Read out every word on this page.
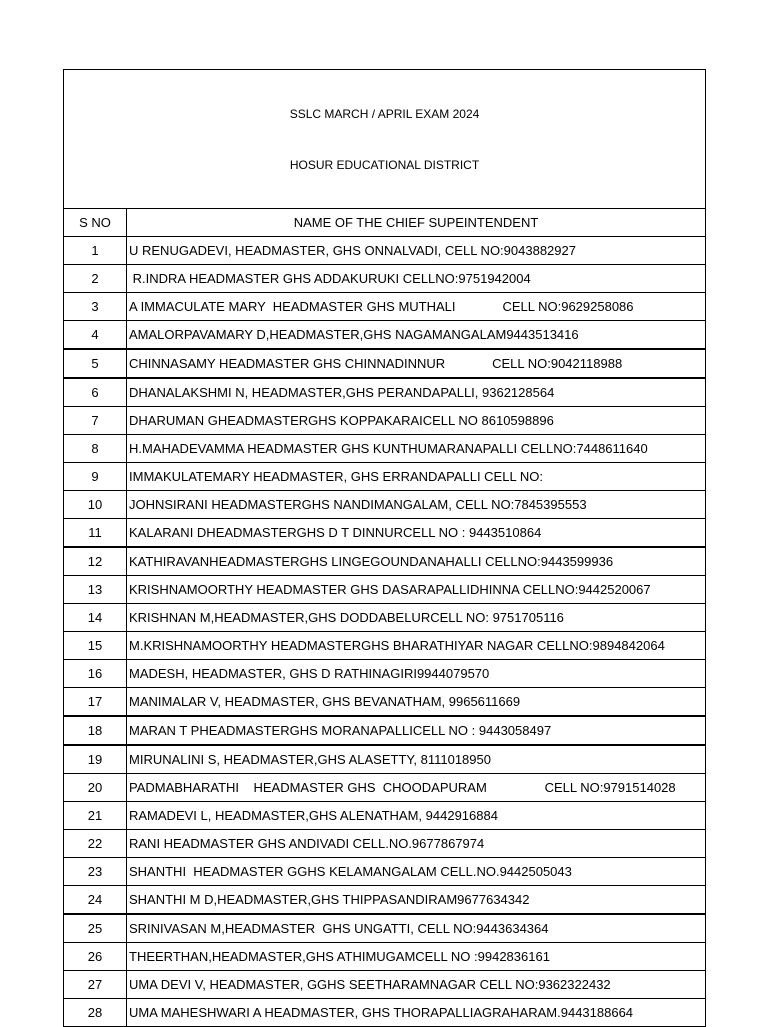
SSLC MARCH / APRIL EXAM 2024

HOSUR EDUCATIONAL DISTRICT	

S NO	NAME OF THE CHIEF SUPEINTENDENT
1	U RENUGADEVI, HEADMASTER, GHS ONNALVADI, CELL NO:9043882927
2	R.INDRA HEADMASTER GHS ADDAKURUKI CELLNO:9751942004
3	A IMMACULATE MARY  HEADMASTER GHS MUTHALI             CELL NO:9629258086
4	AMALORPAVAMARY D,HEADMASTER,GHS NAGAMANGALAM9443513416
5	CHINNASAMY HEADMASTER GHS CHINNADINNUR             CELL NO:9042118988
6	DHANALAKSHMI N, HEADMASTER,GHS PERANDAPALLI, 9362128564
7	DHARUMAN GHEADMASTERGHS KOPPAKARAICELL NO 8610598896
8	H.MAHADEVAMMA HEADMASTER GHS KUNTHUMARANAPALLI CELLNO:7448611640
9	IMMAKULATEMARY HEADMASTER, GHS ERRANDAPALLI CELL NO:
10	JOHNSIRANI HEADMASTERGHS NANDIMANGALAM, CELL NO:7845395553
11	KALARANI DHEADMASTERGHS D T DINNURCELL NO : 9443510864
12	KATHIRAVANHEADMASTERGHS LINGEGOUNDANAHALLI CELLNO:9443599936
13	KRISHNAMOORTHY HEADMASTER GHS DASARAPALLIDHINNA CELLNO:9442520067
14	KRISHNAN M,HEADMASTER,GHS DODDABELURCELL NO: 9751705116
15	M.KRISHNAMOORTHY HEADMASTERGHS BHARATHIYAR NAGAR CELLNO:9894842064
16	MADESH, HEADMASTER, GHS D RATHINAGIRI9944079570
17	MANIMALAR V, HEADMASTER, GHS BEVANATHAM, 9965611669
18	MARAN T PHEADMASTERGHS MORANAPALLICELL NO : 9443058497
19	MIRUNALINI S, HEADMASTER,GHS ALASETTY, 8111018950
20	PADMABHARATHI    HEADMASTER GHS  CHOODAPURAM                CELL NO:9791514028
21	RAMADEVI L, HEADMASTER,GHS ALENATHAM, 9442916884
22	RANI HEADMASTER GHS ANDIVADI CELL.NO.9677867974
23	SHANTHI  HEADMASTER GGHS KELAMANGALAM CELL.NO.9442505043
24	SHANTHI M D,HEADMASTER,GHS THIPPASANDIRAM9677634342
25	SRINIVASAN M,HEADMASTER  GHS UNGATTI, CELL NO:9443634364
26	THEERTHAN,HEADMASTER,GHS ATHIMUGAMCELL NO :9942836161
27	UMA DEVI V, HEADMASTER, GGHS SEETHARAMNAGAR CELL NO:9362322432
28	UMA MAHESHWARI A HEADMASTER, GHS THORAPALLIAGRAHARAM.9443188664
